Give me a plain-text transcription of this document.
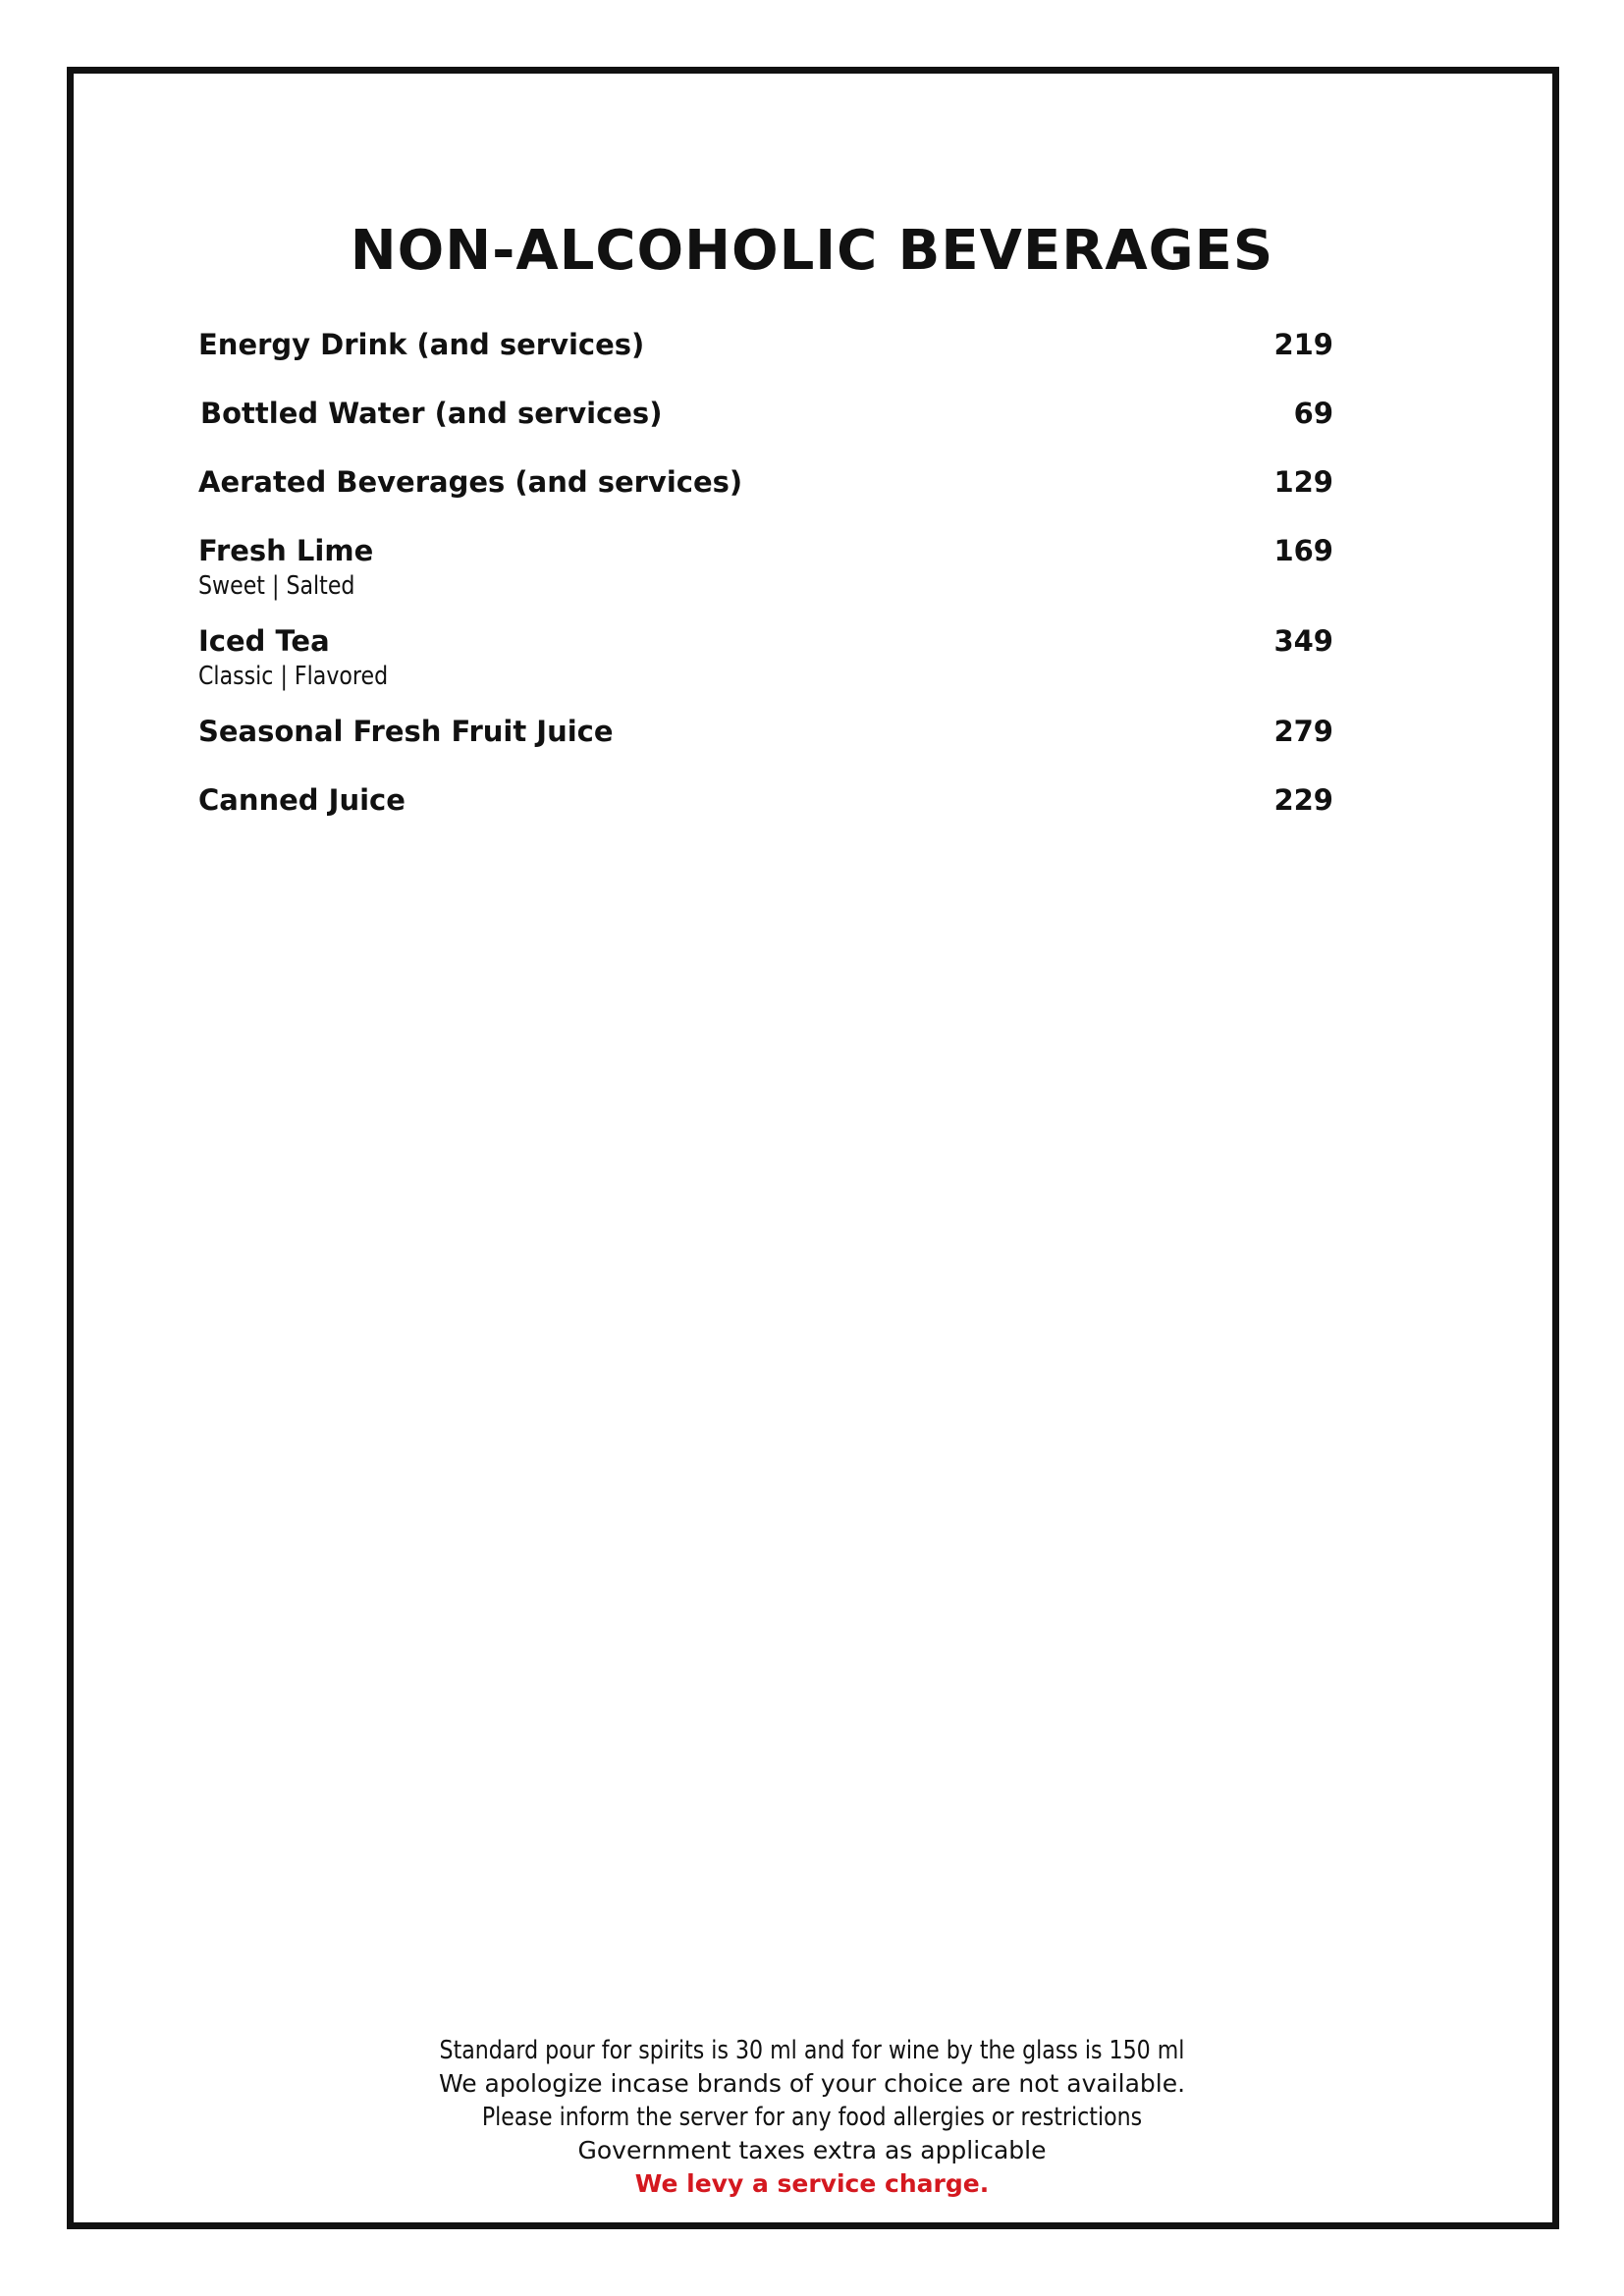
NON-ALCOHOLIC BEVERAGES
Energy Drink (and services)	219
Bottled Water (and services)	69
Aerated Beverages (and services)	129
Fresh Lime	169
Sweet | Salted
Iced Tea	349
Classic | Flavored
Seasonal Fresh Fruit Juice	279
Canned Juice	229
Standard pour for spirits is 30 ml and for wine by the glass is 150 ml
We apologize incase brands of your choice are not available.
Please inform the server for any food allergies or restrictions
Government taxes extra as applicable
We levy a service charge.
